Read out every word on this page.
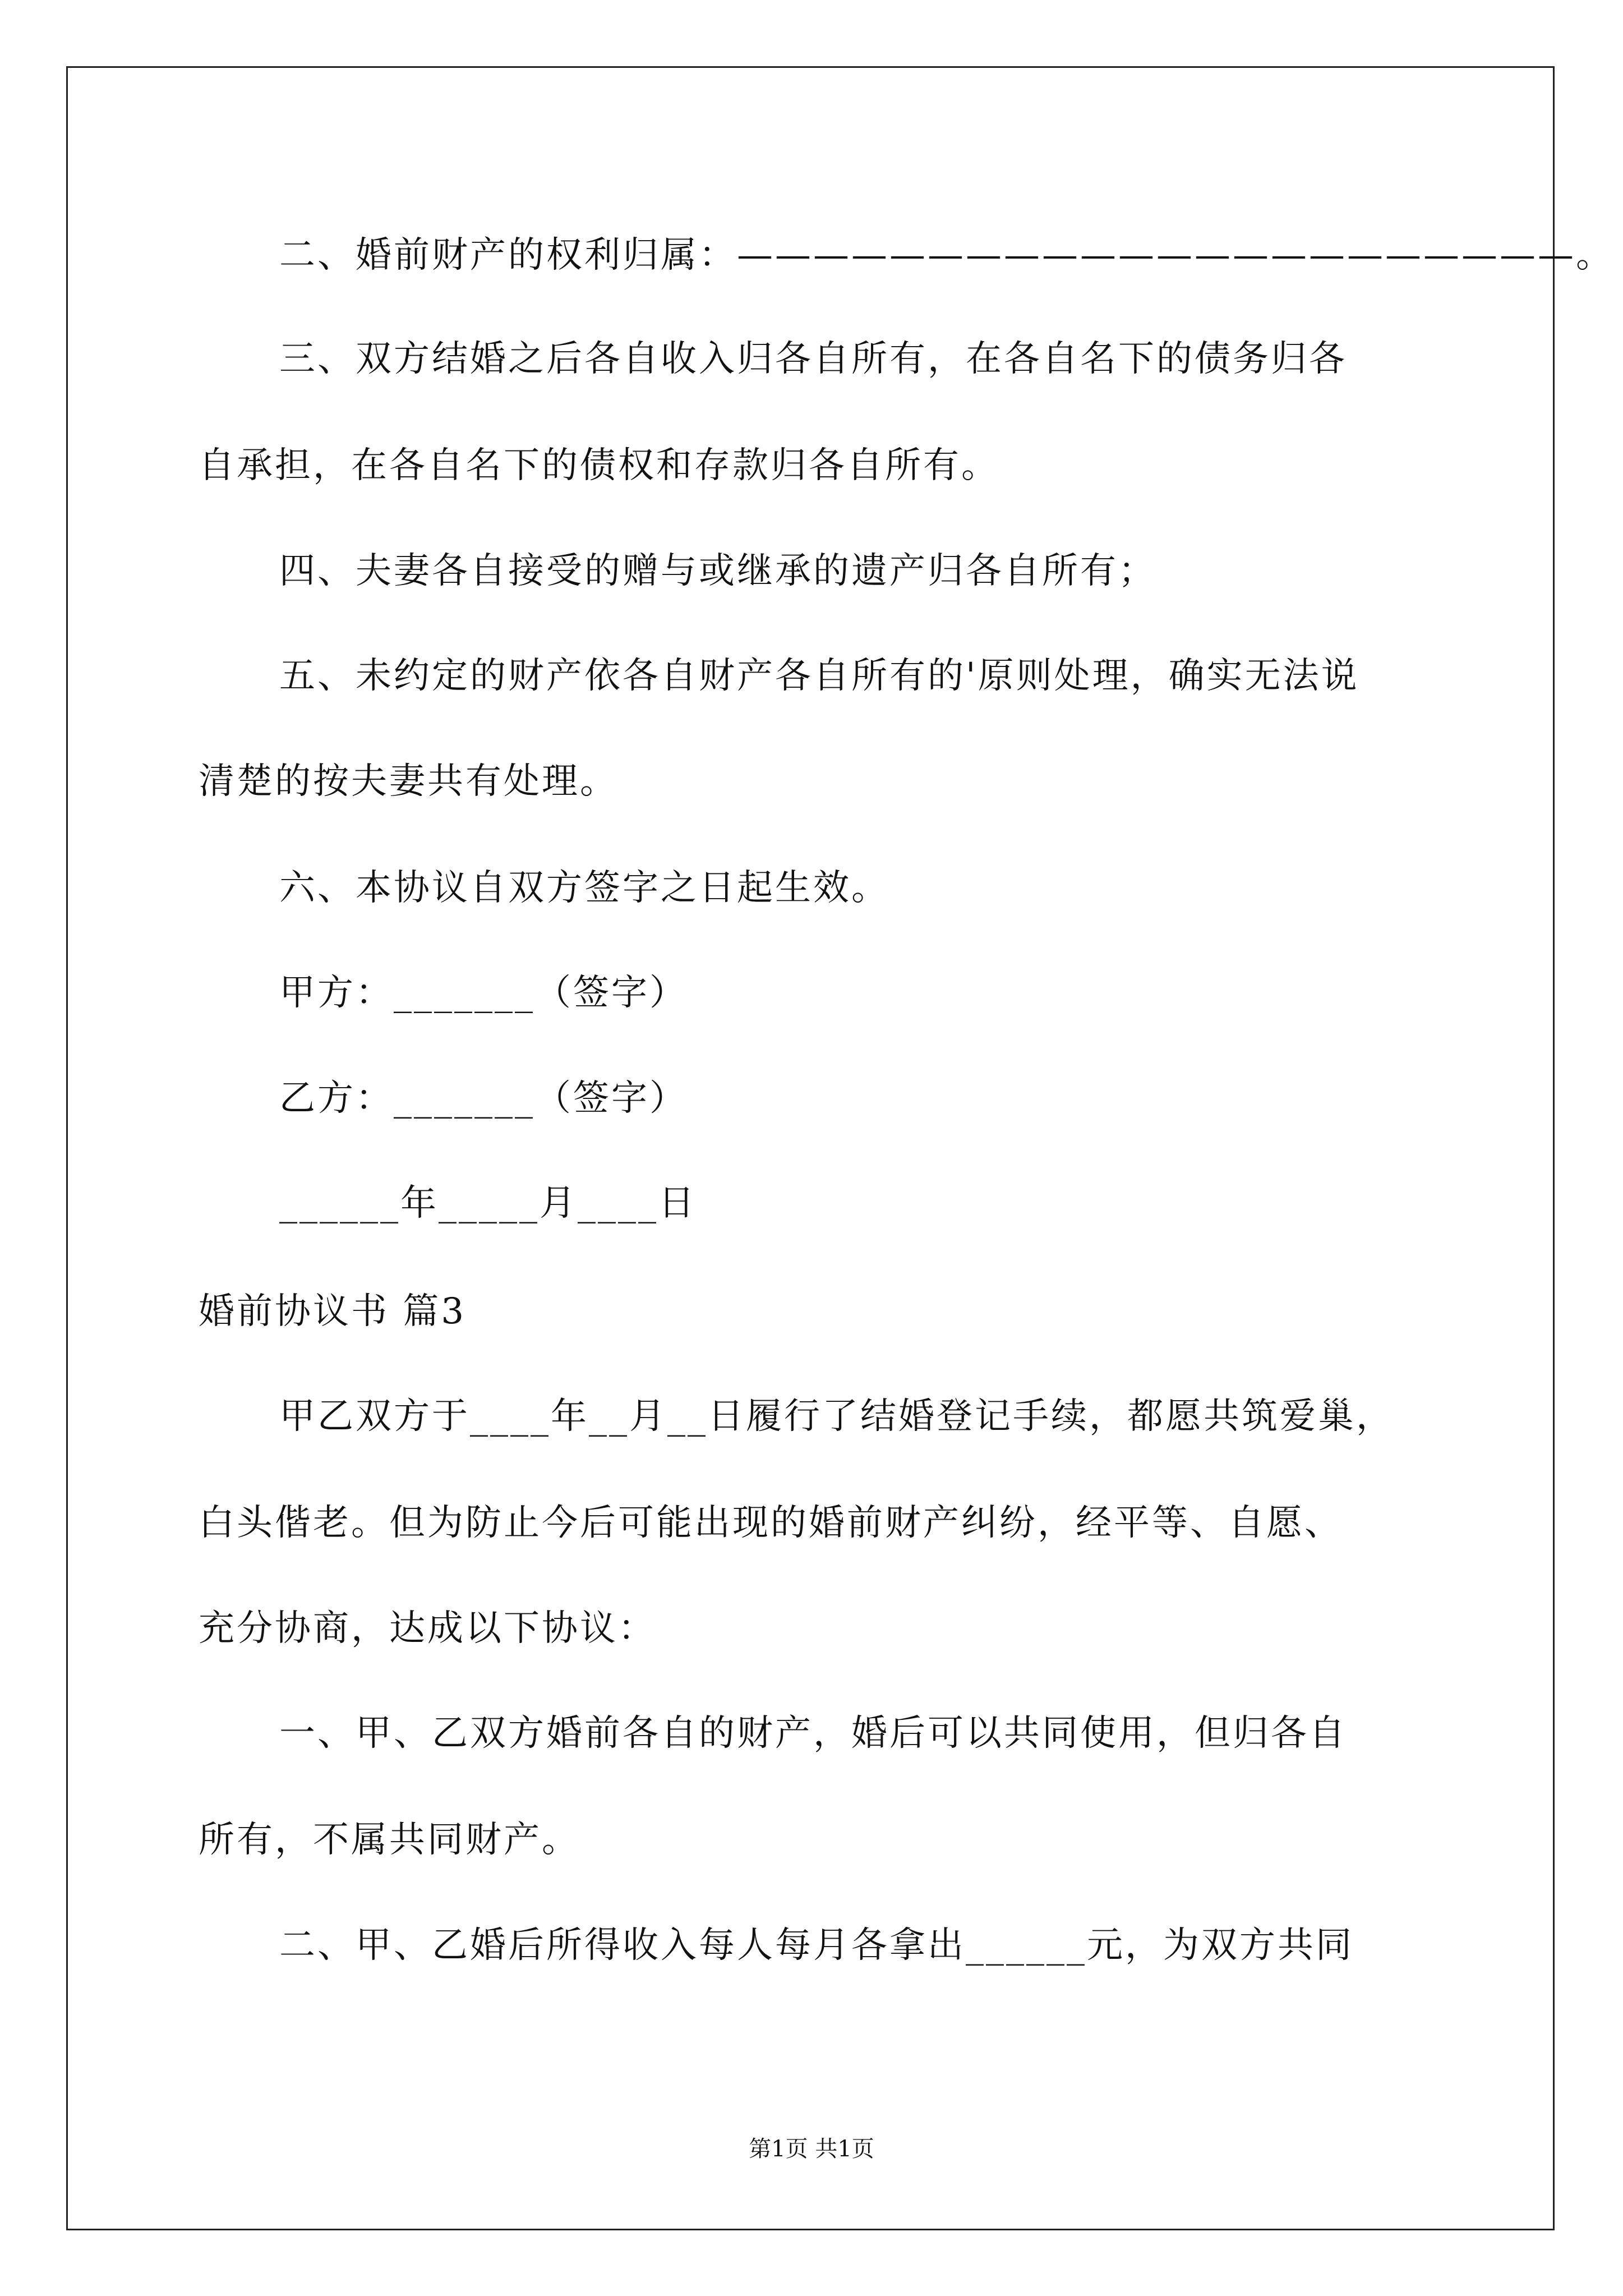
二、婚前财产的权利归属：——————————————————————。
三、双方结婚之后各自收入归各自所有，在各自名下的债务归各
自承担，在各自名下的债权和存款归各自所有。
四、夫妻各自接受的赠与或继承的遗产归各自所有；
五、未约定的财产依各自财产各自所有的'原则处理，确实无法说
清楚的按夫妻共有处理。
六、本协议自双方签字之日起生效。
甲方：_______（签字）
乙方：_______（签字）
______年_____月____日
婚前协议书 篇3
甲乙双方于____年__月__日履行了结婚登记手续，都愿共筑爱巢，
白头偕老。但为防止今后可能出现的婚前财产纠纷，经平等、自愿、
充分协商，达成以下协议：
一、甲、乙双方婚前各自的财产，婚后可以共同使用，但归各自
所有，不属共同财产。
二、甲、乙婚后所得收入每人每月各拿出______元，为双方共同
第1页 共1页
